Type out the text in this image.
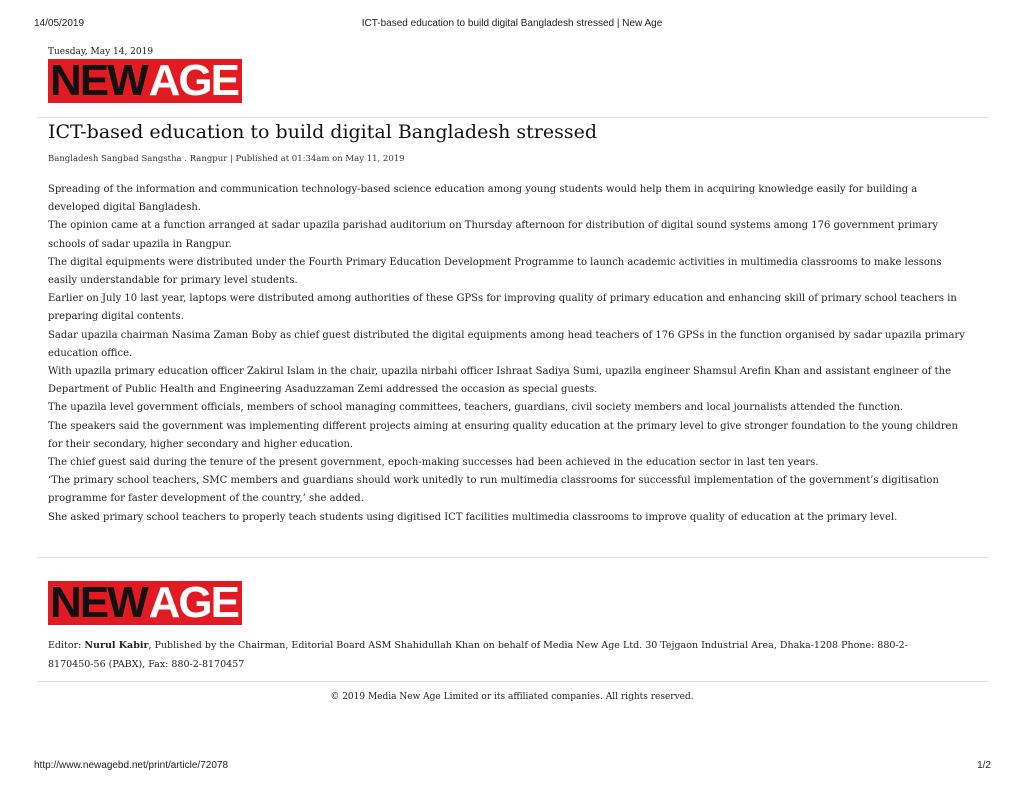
14/05/2019	ICT-based education to build digital Bangladesh stressed | New Age
Tuesday, May 14, 2019
NEW AGE
ICT-based education to build digital Bangladesh stressed
Bangladesh Sangbad Sangstha . Rangpur | Published at 01:34am on May 11, 2019

Spreading of the information and communication technology-based science education among young students would help them in acquiring knowledge easily for building a developed digital Bangladesh.

The opinion came at a function arranged at sadar upazila parishad auditorium on Thursday afternoon for distribution of digital sound systems among 176 government primary schools of sadar upazila in Rangpur.

The digital equipments were distributed under the Fourth Primary Education Development Programme to launch academic activities in multimedia classrooms to make lessons easily understandable for primary level students.

Earlier on July 10 last year, laptops were distributed among authorities of these GPSs for improving quality of primary education and enhancing skill of primary school teachers in preparing digital contents.

Sadar upazila chairman Nasima Zaman Boby as chief guest distributed the digital equipments among head teachers of 176 GPSs in the function organised by sadar upazila primary education office.

With upazila primary education officer Zakirul Islam in the chair, upazila nirbahi officer Ishraat Sadiya Sumi, upazila engineer Shamsul Arefin Khan and assistant engineer of the Department of Public Health and Engineering Asaduzzaman Zemi addressed the occasion as special guests.

The upazila level government officials, members of school managing committees, teachers, guardians, civil society members and local journalists attended the function.

The speakers said the government was implementing different projects aiming at ensuring quality education at the primary level to give stronger foundation to the young children for their secondary, higher secondary and higher education.

The chief guest said during the tenure of the present government, epoch-making successes had been achieved in the education sector in last ten years.

‘The primary school teachers, SMC members and guardians should work unitedly to run multimedia classrooms for successful implementation of the government’s digitisation programme for faster development of the country,’ she added.

She asked primary school teachers to properly teach students using digitised ICT facilities multimedia classrooms to improve quality of education at the primary level.

NEW AGE
Editor: Nurul Kabir, Published by the Chairman, Editorial Board ASM Shahidullah Khan on behalf of Media New Age Ltd. 30 Tejgaon Industrial Area, Dhaka-1208 Phone: 880-2-8170450-56 (PABX), Fax: 880-2-8170457
© 2019 Media New Age Limited or its affiliated companies. All rights reserved.
http://www.newagebd.net/print/article/72078	1/2
